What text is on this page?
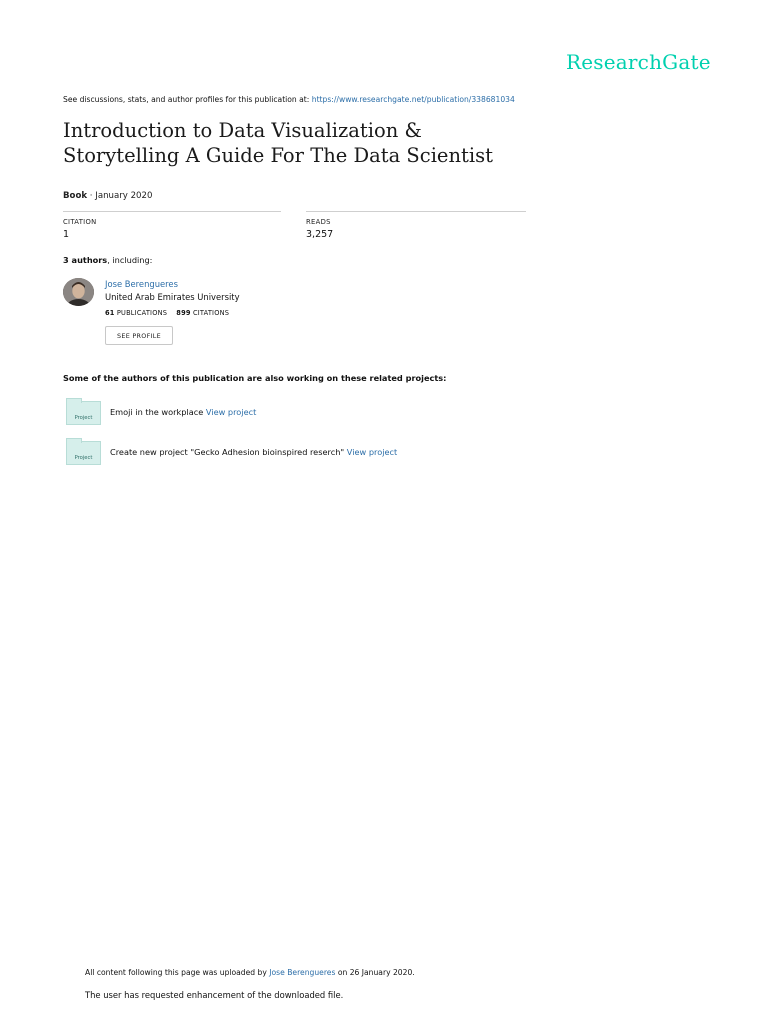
ResearchGate
See discussions, stats, and author profiles for this publication at: https://www.researchgate.net/publication/338681034
Introduction to Data Visualization &
Storytelling A Guide For The Data Scientist
Book · January 2020
CITATION
1
READS
3,257
3 authors, including:
Jose Berengueres
United Arab Emirates University
61 PUBLICATIONS 899 CITATIONS
SEE PROFILE
Some of the authors of this publication are also working on these related projects:
Project
Emoji in the workplace View project
Project
Create new project "Gecko Adhesion bioinspired reserch" View project
All content following this page was uploaded by Jose Berengueres on 26 January 2020.
The user has requested enhancement of the downloaded file.
